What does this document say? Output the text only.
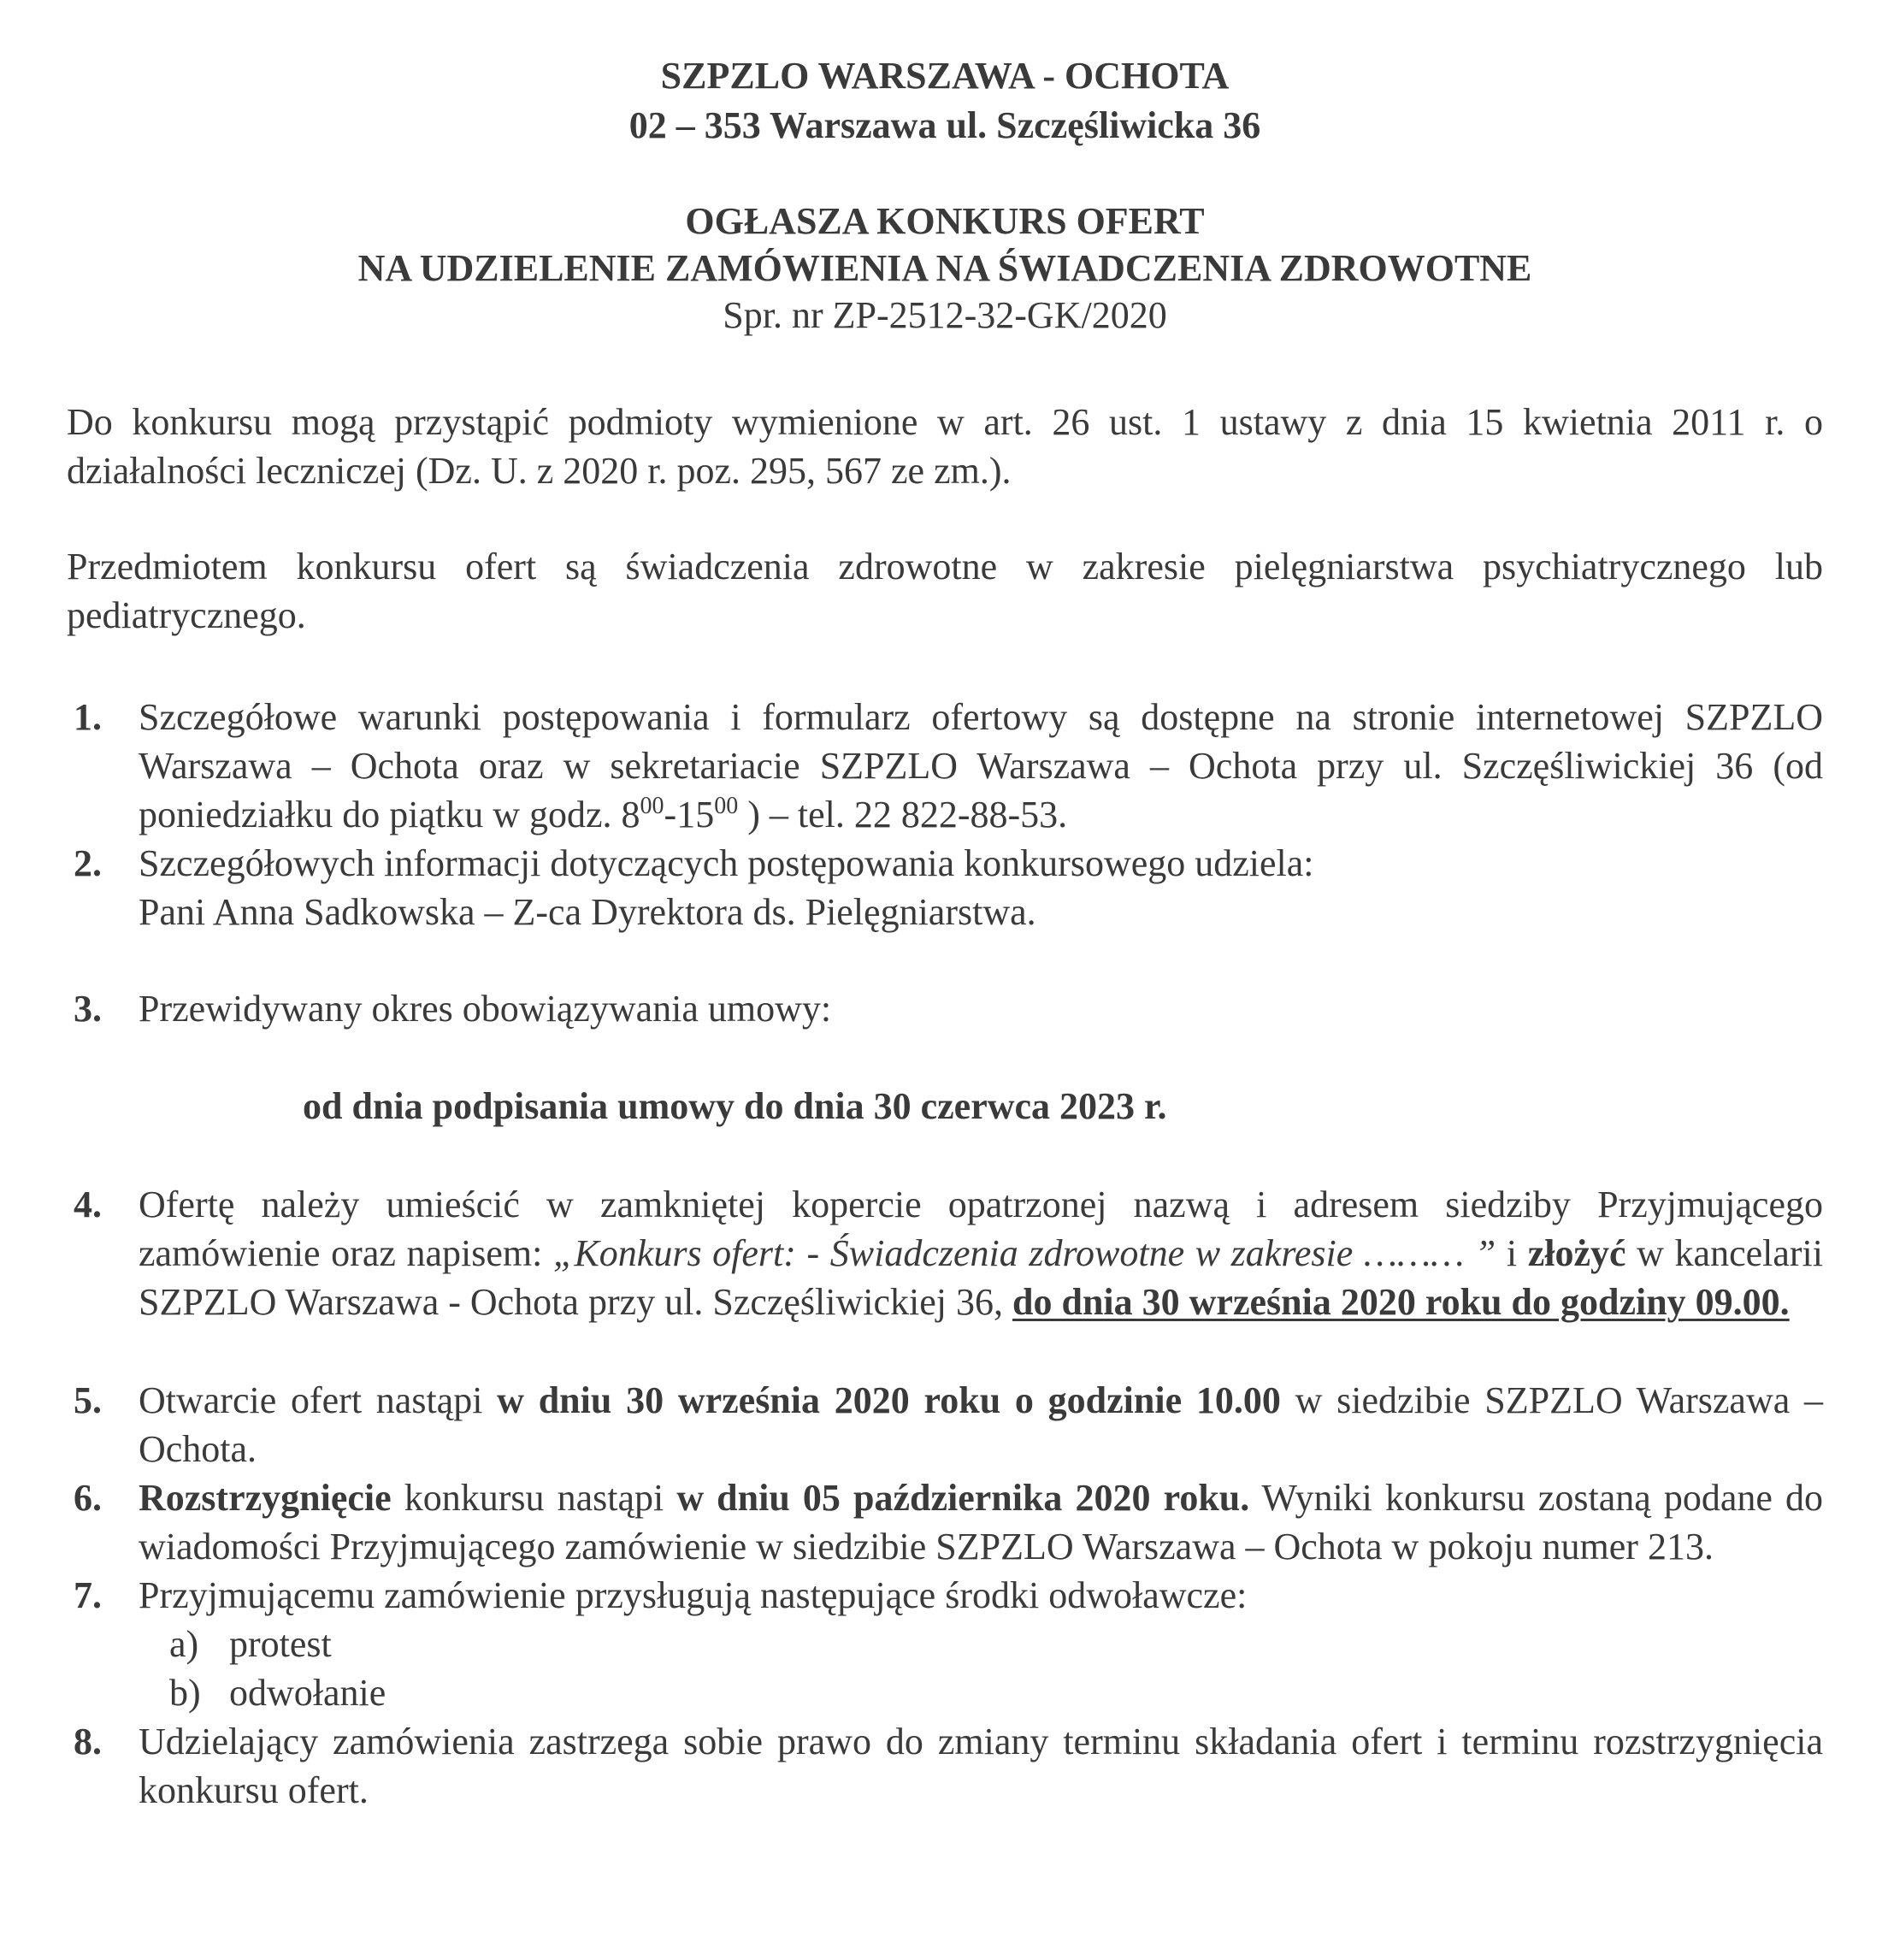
SZPZLO WARSZAWA - OCHOTA
02 – 353 Warszawa ul. Szczęśliwicka 36
OGŁASZA KONKURS OFERT
NA UDZIELENIE ZAMÓWIENIA NA ŚWIADCZENIA ZDROWOTNE
Spr. nr ZP-2512-32-GK/2020
Do konkursu mogą przystąpić podmioty wymienione w art. 26 ust. 1 ustawy z dnia 15 kwietnia 2011 r. o działalności leczniczej (Dz. U. z 2020 r. poz. 295, 567 ze zm.).
Przedmiotem konkursu ofert są świadczenia zdrowotne w zakresie pielęgniarstwa psychiatrycznego lub pediatrycznego.
1. Szczegółowe warunki postępowania i formularz ofertowy są dostępne na stronie internetowej SZPZLO Warszawa – Ochota oraz w sekretariacie SZPZLO Warszawa – Ochota przy ul. Szczęśliwickiej 36 (od poniedziałku do piątku w godz. $8^{00}-15^{00}$ ) – tel. 22 822-88-53.
2. Szczegółowych informacji dotyczących postępowania konkursowego udziela:
Pani Anna Sadkowska – Z-ca Dyrektora ds. Pielęgniarstwa.
3. Przewidywany okres obowiązywania umowy:
od dnia podpisania umowy do dnia 30 czerwca 2023 r.
4. Ofertę należy umieścić w zamkniętej kopercie opatrzonej nazwą i adresem siedziby Przyjmującego zamówienie oraz napisem: „Konkurs ofert: - Świadczenia zdrowotne w zakresie ……… ” i złożyć w kancelarii SZPZLO Warszawa - Ochota przy ul. Szczęśliwickiej 36, do dnia 30 września 2020 roku do godziny 09.00.
5. Otwarcie ofert nastąpi w dniu 30 września 2020 roku o godzinie 10.00 w siedzibie SZPZLO Warszawa – Ochota.
6. Rozstrzygnięcie konkursu nastąpi w dniu 05 października 2020 roku. Wyniki konkursu zostaną podane do wiadomości Przyjmującego zamówienie w siedzibie SZPZLO Warszawa – Ochota w pokoju numer 213.
7. Przyjmującemu zamówienie przysługują następujące środki odwoławcze:
a) protest
b) odwołanie
8. Udzielający zamówienia zastrzega sobie prawo do zmiany terminu składania ofert i terminu rozstrzygnięcia konkursu ofert.
